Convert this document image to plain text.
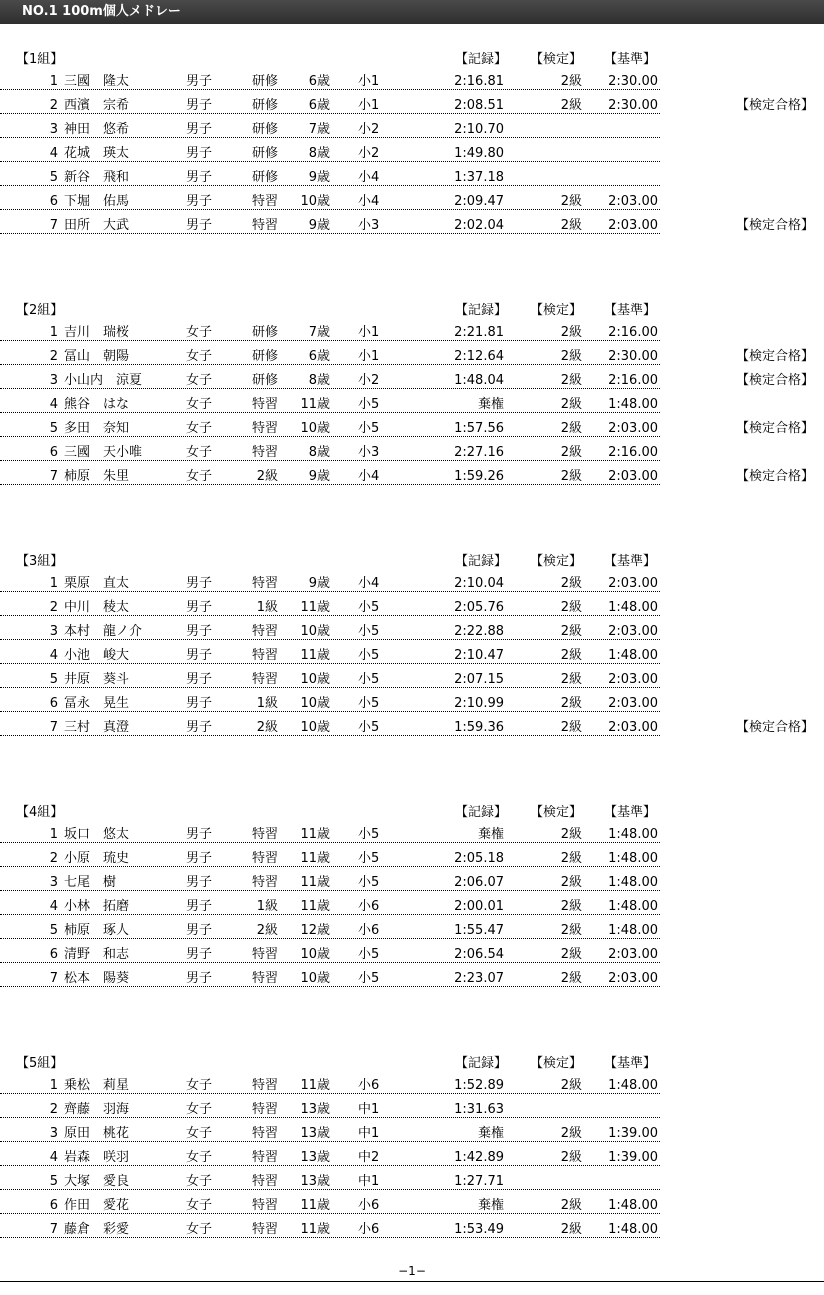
NO.1 100m個人メドレー
【1組】	【記録】 【検定】 【基準】
1 三國　隆太	男子	研修	6歳 小1	2:16.81	2級	2:30.00
2 西濱　宗希	男子	研修	6歳 小1	2:08.51	2級	2:30.00	【検定合格】
3 神田　悠希	男子	研修	7歳 小2	2:10.70
4 花城　瑛太	男子	研修	8歳 小2	1:49.80
5 新谷　飛和	男子	研修	9歳 小4	1:37.18
6 下堀　佑馬	男子	特習	10歳 小4	2:09.47	2級	2:03.00
7 田所　大武	男子	特習	9歳 小3	2:02.04	2級	2:03.00	【検定合格】
【2組】	【記録】 【検定】 【基準】
1 吉川　瑞桜	女子	研修	7歳 小1	2:21.81	2級	2:16.00
2 冨山　朝陽	女子	研修	6歳 小1	2:12.64	2級	2:30.00	【検定合格】
3 小山内　涼夏	女子	研修	8歳 小2	1:48.04	2級	2:16.00	【検定合格】
4 熊谷　はな	女子	特習	11歳 小5	棄権	2級	1:48.00
5 多田　奈知	女子	特習	10歳 小5	1:57.56	2級	2:03.00	【検定合格】
6 三國　天小唯	女子	特習	8歳 小3	2:27.16	2級	2:16.00
7 柿原　朱里	女子	2級	9歳 小4	1:59.26	2級	2:03.00	【検定合格】
【3組】	【記録】 【検定】 【基準】
1 栗原　直太	男子	特習	9歳 小4	2:10.04	2級	2:03.00
2 中川　稜太	男子	1級	11歳 小5	2:05.76	2級	1:48.00
3 本村　龍ノ介	男子	特習	10歳 小5	2:22.88	2級	2:03.00
4 小池　峻大	男子	特習	11歳 小5	2:10.47	2級	1:48.00
5 井原　葵斗	男子	特習	10歳 小5	2:07.15	2級	2:03.00
6 冨永　晃生	男子	1級	10歳 小5	2:10.99	2級	2:03.00
7 三村　真澄	男子	2級	10歳 小5	1:59.36	2級	2:03.00	【検定合格】
【4組】	【記録】 【検定】 【基準】
1 坂口　悠太	男子	特習	11歳 小5	棄権	2級	1:48.00
2 小原　琉史	男子	特習	11歳 小5	2:05.18	2級	1:48.00
3 七尾　樹	男子	特習	11歳 小5	2:06.07	2級	1:48.00
4 小林　拓磨	男子	1級	11歳 小6	2:00.01	2級	1:48.00
5 柿原　琢人	男子	2級	12歳 小6	1:55.47	2級	1:48.00
6 清野　和志	男子	特習	10歳 小5	2:06.54	2級	2:03.00
7 松本　陽葵	男子	特習	10歳 小5	2:23.07	2級	2:03.00
【5組】	【記録】 【検定】 【基準】
1 乗松　莉星	女子	特習	11歳 小6	1:52.89	2級	1:48.00
2 齊藤　羽海	女子	特習	13歳 中1	1:31.63
3 原田　桃花	女子	特習	13歳 中1	棄権	2級	1:39.00
4 岩森　咲羽	女子	特習	13歳 中2	1:42.89	2級	1:39.00
5 大塚　愛良	女子	特習	13歳 中1	1:27.71
6 作田　愛花	女子	特習	11歳 小6	棄権	2級	1:48.00
7 藤倉　彩愛	女子	特習	11歳 小6	1:53.49	2級	1:48.00
−1−
